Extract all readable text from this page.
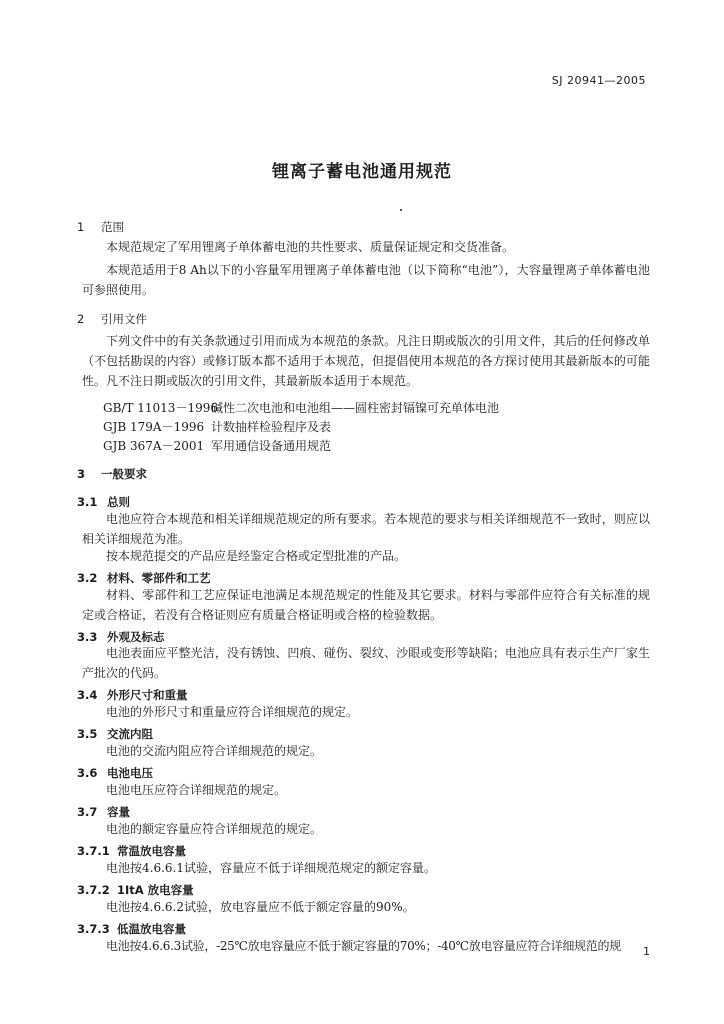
SJ 20941—2005
锂离子蓄电池通用规范
1 范围

本规范规定了军用锂离子单体蓄电池的共性要求、质量保证规定和交货准备。

本规范适用于8 Ah以下的小容量军用锂离子单体蓄电池（以下简称“电池”），大容量锂离子单体蓄电池可参照使用。

2 引用文件

下列文件中的有关条款通过引用而成为本规范的条款。凡注日期或版次的引用文件，其后的任何修改单（不包括勘误的内容）或修订版本都不适用于本规范，但提倡使用本规范的各方探讨使用其最新版本的可能性。凡不注日期或版次的引用文件，其最新版本适用于本规范。

GB/T 11013－1996碱性二次电池和电池组——圆柱密封镉镍可充单体电池
GJB 179A－1996 计数抽样检验程序及表
GJB 367A－2001 军用通信设备通用规范
3 一般要求
3.1 总则

电池应符合本规范和相关详细规范规定的所有要求。若本规范的要求与相关详细规范不一致时，则应以相关详细规范为准。

按本规范提交的产品应是经鉴定合格或定型批准的产品。

3.2 材料、零部件和工艺

材料、零部件和工艺应保证电池满足本规范规定的性能及其它要求。材料与零部件应符合有关标准的规定或合格证，若没有合格证则应有质量合格证明或合格的检验数据。

3.3 外观及标志

电池表面应平整光洁，没有锈蚀、凹痕、碰伤、裂纹、沙眼或变形等缺陷；电池应具有表示生产厂家生产批次的代码。

3.4 外形尺寸和重量

电池的外形尺寸和重量应符合详细规范的规定。

3.5 交流内阻

电池的交流内阻应符合详细规范的规定。

3.6 电池电压

电池电压应符合详细规范的规定。

3.7 容量

电池的额定容量应符合详细规范的规定。

3.7.1 常温放电容量

电池按4.6.6.1试验，容量应不低于详细规范规定的额定容量。

3.7.2 1ItA 放电容量

电池按4.6.6.2试验，放电容量应不低于额定容量的90%。

3.7.3 低温放电容量

电池按4.6.6.3试验，-25℃放电容量应不低于额定容量的70%；-40℃放电容量应符合详细规范的规	1
